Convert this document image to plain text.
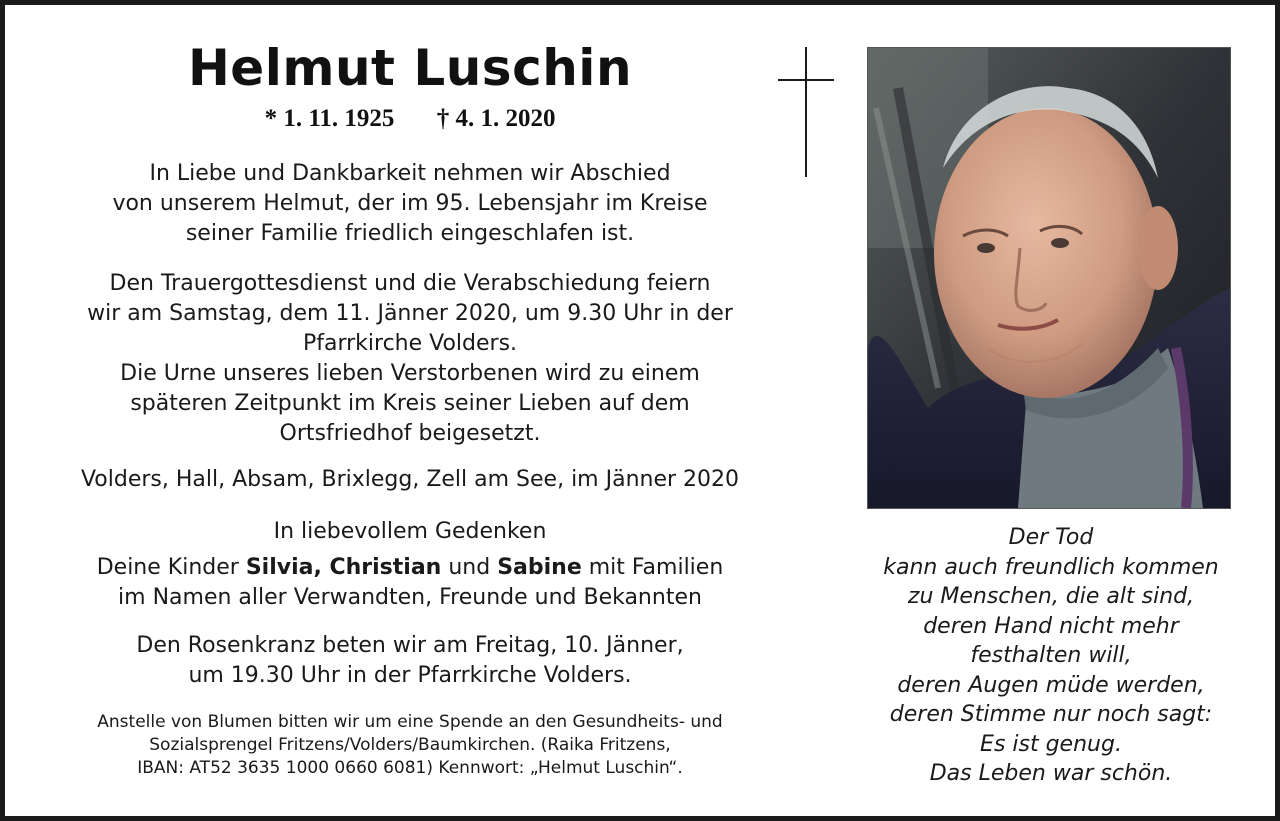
Helmut Luschin
* 1. 11. 1925 † 4. 1. 2020

In Liebe und Dankbarkeit nehmen wir Abschied

von unserem Helmut, der im 95. Lebensjahr im Kreise

seiner Familie friedlich eingeschlafen ist.

Den Trauergottesdienst und die Verabschiedung feiern

wir am Samstag, dem 11. Jänner 2020, um 9.30 Uhr in der

Pfarrkirche Volders.

Die Urne unseres lieben Verstorbenen wird zu einem

späteren Zeitpunkt im Kreis seiner Lieben auf dem

Ortsfriedhof beigesetzt.

Volders, Hall, Absam, Brixlegg, Zell am See, im Jänner 2020

In liebevollem Gedenken

Deine Kinder Silvia, Christian und Sabine mit Familien

im Namen aller Verwandten, Freunde und Bekannten

Den Rosenkranz beten wir am Freitag, 10. Jänner,

um 19.30 Uhr in der Pfarrkirche Volders.

Anstelle von Blumen bitten wir um eine Spende an den Gesundheits- und

Sozialsprengel Fritzens/Volders/Baumkirchen. (Raika Fritzens,

IBAN: AT52 3635 1000 0660 6081) Kennwort: „Helmut Luschin“.

Der Tod

kann auch freundlich kommen

zu Menschen, die alt sind,

deren Hand nicht mehr

festhalten will,

deren Augen müde werden,

deren Stimme nur noch sagt:

Es ist genug.

Das Leben war schön.
